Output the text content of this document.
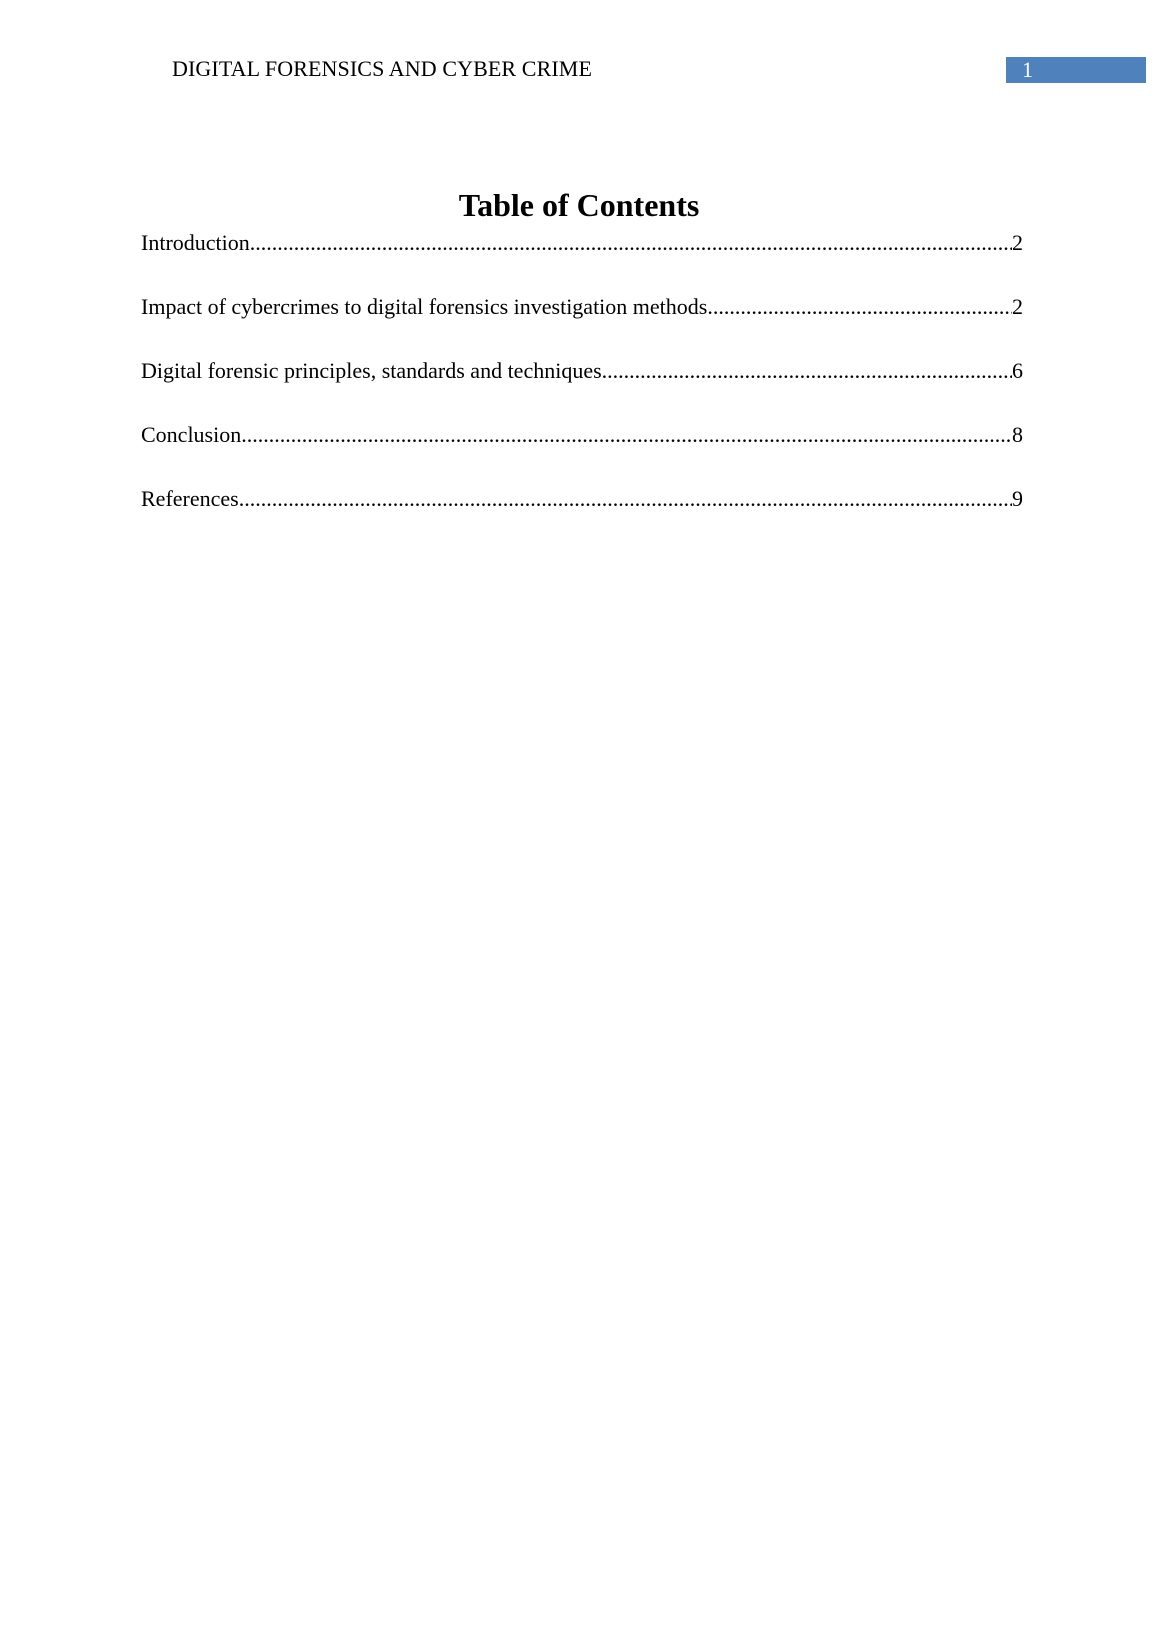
DIGITAL FORENSICS AND CYBER CRIME	1
Table of Contents
Introduction .....	2
Impact of cybercrimes to digital forensics investigation methods .....	2
Digital forensic principles, standards and techniques .....	6
Conclusion .....	8
References .....	9
